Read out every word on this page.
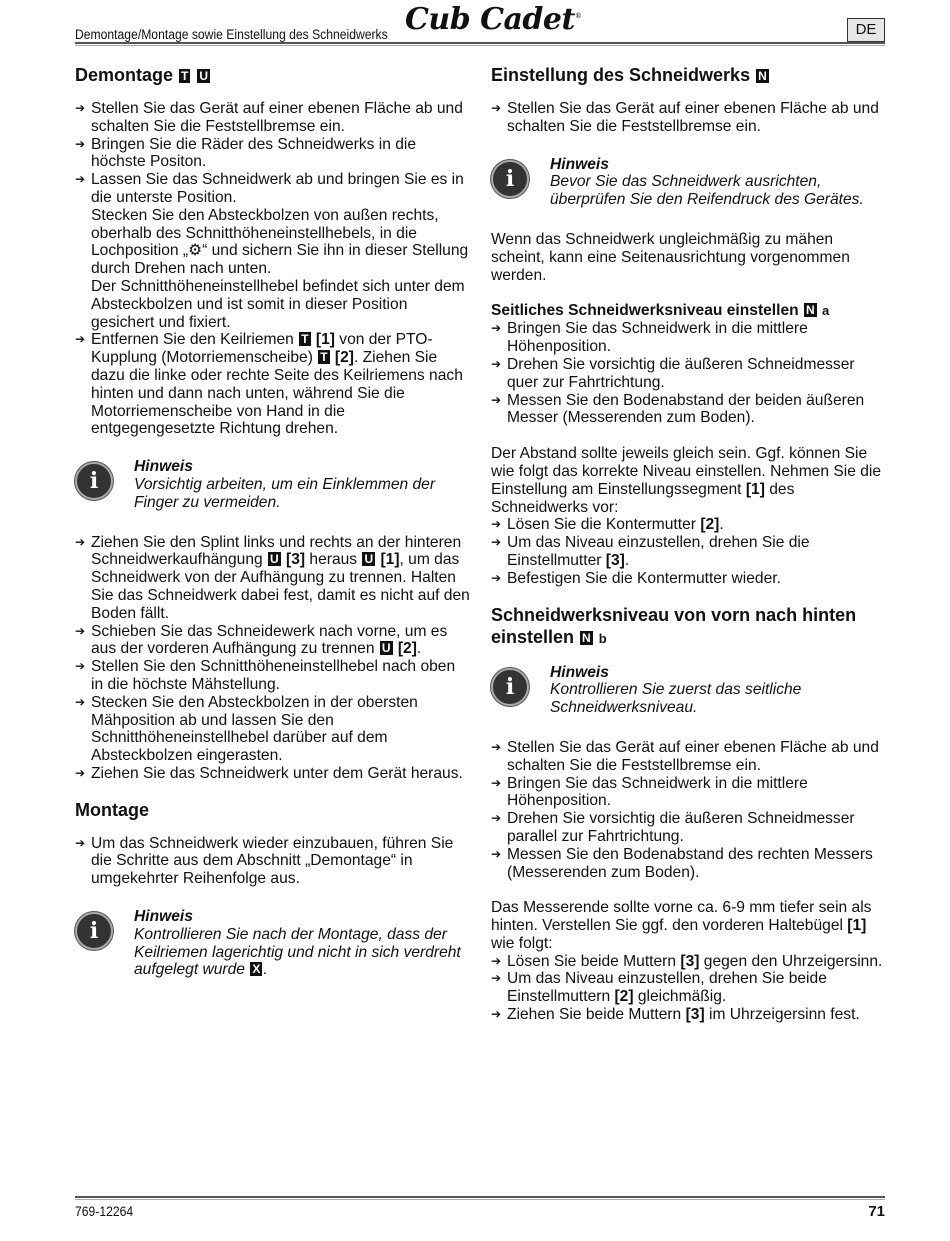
Demontage/Montage sowie Einstellung des Schneidwerks Cub Cadet®
DE
Demontage T U
➔ Stellen Sie das Gerät auf einer ebenen Fläche ab und schalten Sie die Feststellbremse ein.
➔ Bringen Sie die Räder des Schneidwerks in die höchste Positon.
➔ Lassen Sie das Schneidwerk ab und bringen Sie es in die unterste Position.
Stecken Sie den Absteckbolzen von außen rechts, oberhalb des Schnitthöheneinstellhebels, in die Lochposition „⚙“ und sichern Sie ihn in dieser Stellung durch Drehen nach unten.
Der Schnitthöheneinstellhebel befindet sich unter dem Absteckbolzen und ist somit in dieser Position gesichert und fixiert.
➔ Entfernen Sie den Keilriemen T [1] von der PTO-Kupplung (Motorriemenscheibe) T [2]. Ziehen Sie dazu die linke oder rechte Seite des Keilriemens nach hinten und dann nach unten, während Sie die Motorriemenscheibe von Hand in die entgegengesetzte Richtung drehen.
i
Hinweis
Vorsichtig arbeiten, um ein Einklemmen der Finger zu vermeiden.
➔ Ziehen Sie den Splint links und rechts an der hinteren Schneidwerkaufhängung U [3] heraus U [1], um das Schneidwerk von der Aufhängung zu trennen. Halten Sie das Schneidwerk dabei fest, damit es nicht auf den Boden fällt.
➔ Schieben Sie das Schneidewerk nach vorne, um es aus der vorderen Aufhängung zu trennen U [2].
➔ Stellen Sie den Schnitthöheneinstellhebel nach oben in die höchste Mähstellung.
➔ Stecken Sie den Absteckbolzen in der obersten Mähposition ab und lassen Sie den Schnitthöheneinstellhebel darüber auf dem Absteckbolzen eingerasten.
➔ Ziehen Sie das Schneidwerk unter dem Gerät heraus.
Montage
➔ Um das Schneidwerk wieder einzubauen, führen Sie die Schritte aus dem Abschnitt „Demontage“ in umgekehrter Reihenfolge aus.
i
Hinweis
Kontrollieren Sie nach der Montage, dass der Keilriemen lagerichtig und nicht in sich verdreht aufgelegt wurde X .
Einstellung des Schneidwerks N
➔ Stellen Sie das Gerät auf einer ebenen Fläche ab und schalten Sie die Feststellbremse ein.
i
Hinweis
Bevor Sie das Schneidwerk ausrichten, überprüfen Sie den Reifendruck des Gerätes.

Wenn das Schneidwerk ungleichmäßig zu mähen scheint, kann eine Seitenausrichtung vorgenommen werden.

Seitliches Schneidwerksniveau einstellen N a
➔ Bringen Sie das Schneidwerk in die mittlere Höhenposition.
➔ Drehen Sie vorsichtig die äußeren Schneidmesser quer zur Fahrtrichtung.
➔ Messen Sie den Bodenabstand der beiden äußeren Messer (Messerenden zum Boden).

Der Abstand sollte jeweils gleich sein. Ggf. können Sie wie folgt das korrekte Niveau einstellen. Nehmen Sie die Einstellung am Einstellungssegment [1] des Schneidwerks vor:

➔ Lösen Sie die Kontermutter [2].
➔ Um das Niveau einzustellen, drehen Sie die Einstellmutter [3].
➔ Befestigen Sie die Kontermutter wieder.
Schneidwerksniveau von vorn nach hinten einstellen N b
i
Hinweis
Kontrollieren Sie zuerst das seitliche Schneidwerksniveau.
➔ Stellen Sie das Gerät auf einer ebenen Fläche ab und schalten Sie die Feststellbremse ein.
➔ Bringen Sie das Schneidwerk in die mittlere Höhenposition.
➔ Drehen Sie vorsichtig die äußeren Schneidmesser parallel zur Fahrtrichtung.
➔ Messen Sie den Bodenabstand des rechten Messers (Messerenden zum Boden).

Das Messerende sollte vorne ca. 6-9 mm tiefer sein als hinten. Verstellen Sie ggf. den vorderen Haltebügel [1] wie folgt:

➔ Lösen Sie beide Muttern [3] gegen den Uhrzeigersinn.
➔ Um das Niveau einzustellen, drehen Sie beide Einstellmuttern [2] gleichmäßig.
➔ Ziehen Sie beide Muttern [3] im Uhrzeigersinn fest.
769-12264	71
